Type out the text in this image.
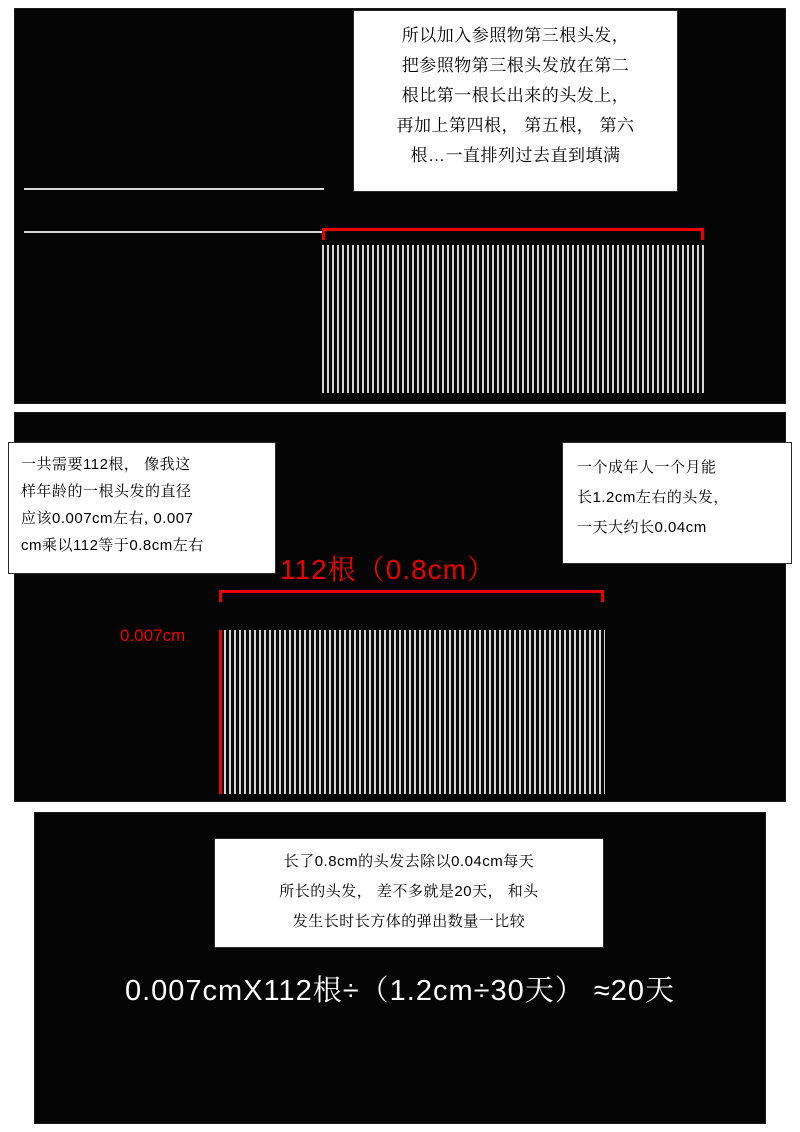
所以加入参照物第三根头发，
把参照物第三根头发放在第二
根比第一根长出来的头发上，
再加上第四根， 第五根， 第六
根…一直排列过去直到填满
112根（0.8cm）
0.007cm
一共需要112根， 像我这
样年龄的一根头发的直径
应该0.007cm左右, 0.007
cm乘以112等于0.8cm左右
一个成年人一个月能
长1.2cm左右的头发，
一天大约长0.04cm
长了0.8cm的头发去除以0.04cm每天
所长的头发， 差不多就是20天， 和头
发生长时长方体的弹出数量一比较
0.007cmX112根÷（1.2cm÷30天） ≈20天
